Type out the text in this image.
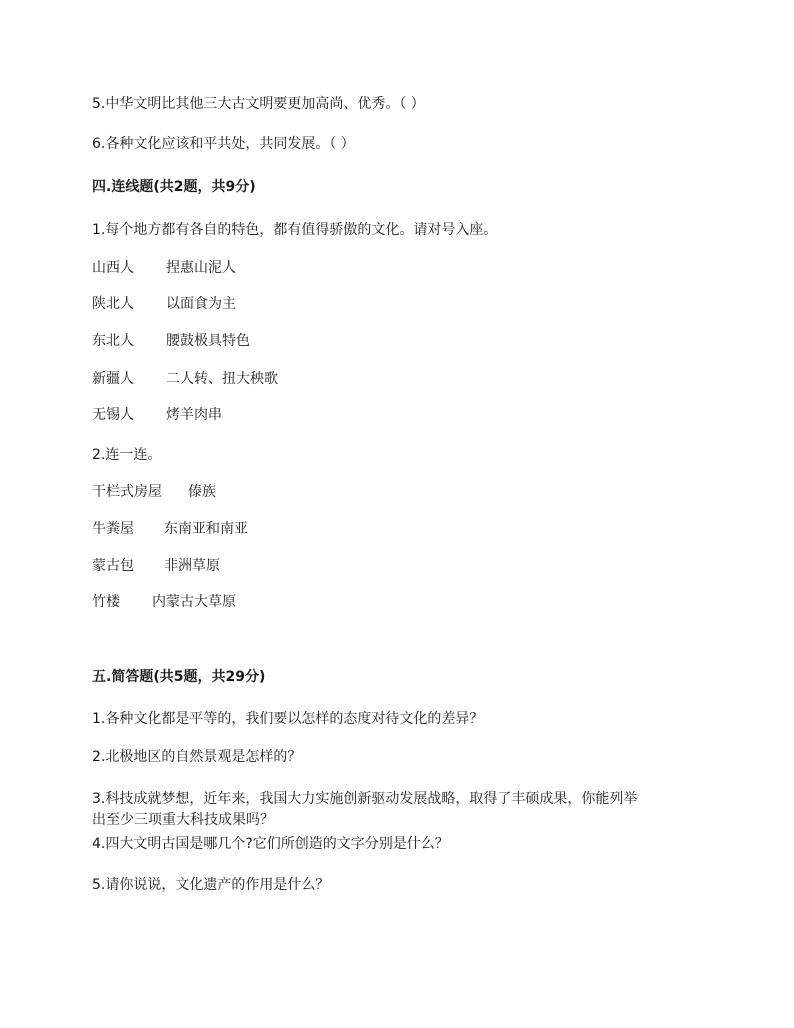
5.中华文明比其他三大古文明要更加高尚、优秀。（ ）
6.各种文化应该和平共处，共同发展。（ ）
四.连线题(共2题，共9分)
1.每个地方都有各自的特色，都有值得骄傲的文化。请对号入座。
山西人	捏惠山泥人
陕北人	以面食为主
东北人	腰鼓极具特色
新疆人	二人转、扭大秧歌
无锡人	烤羊肉串
2.连一连。
干栏式房屋	傣族
牛粪屋	东南亚和南亚
蒙古包	非洲草原
竹楼	内蒙古大草原
五.简答题(共5题，共29分)
1.各种文化都是平等的，我们要以怎样的态度对待文化的差异？
2.北极地区的自然景观是怎样的？
3.科技成就梦想，近年来，我国大力实施创新驱动发展战略，取得了丰硕成果，你能列举
出至少三项重大科技成果吗？
4.四大文明古国是哪几个?它们所创造的文字分别是什么？
5.请你说说，文化遗产的作用是什么？
